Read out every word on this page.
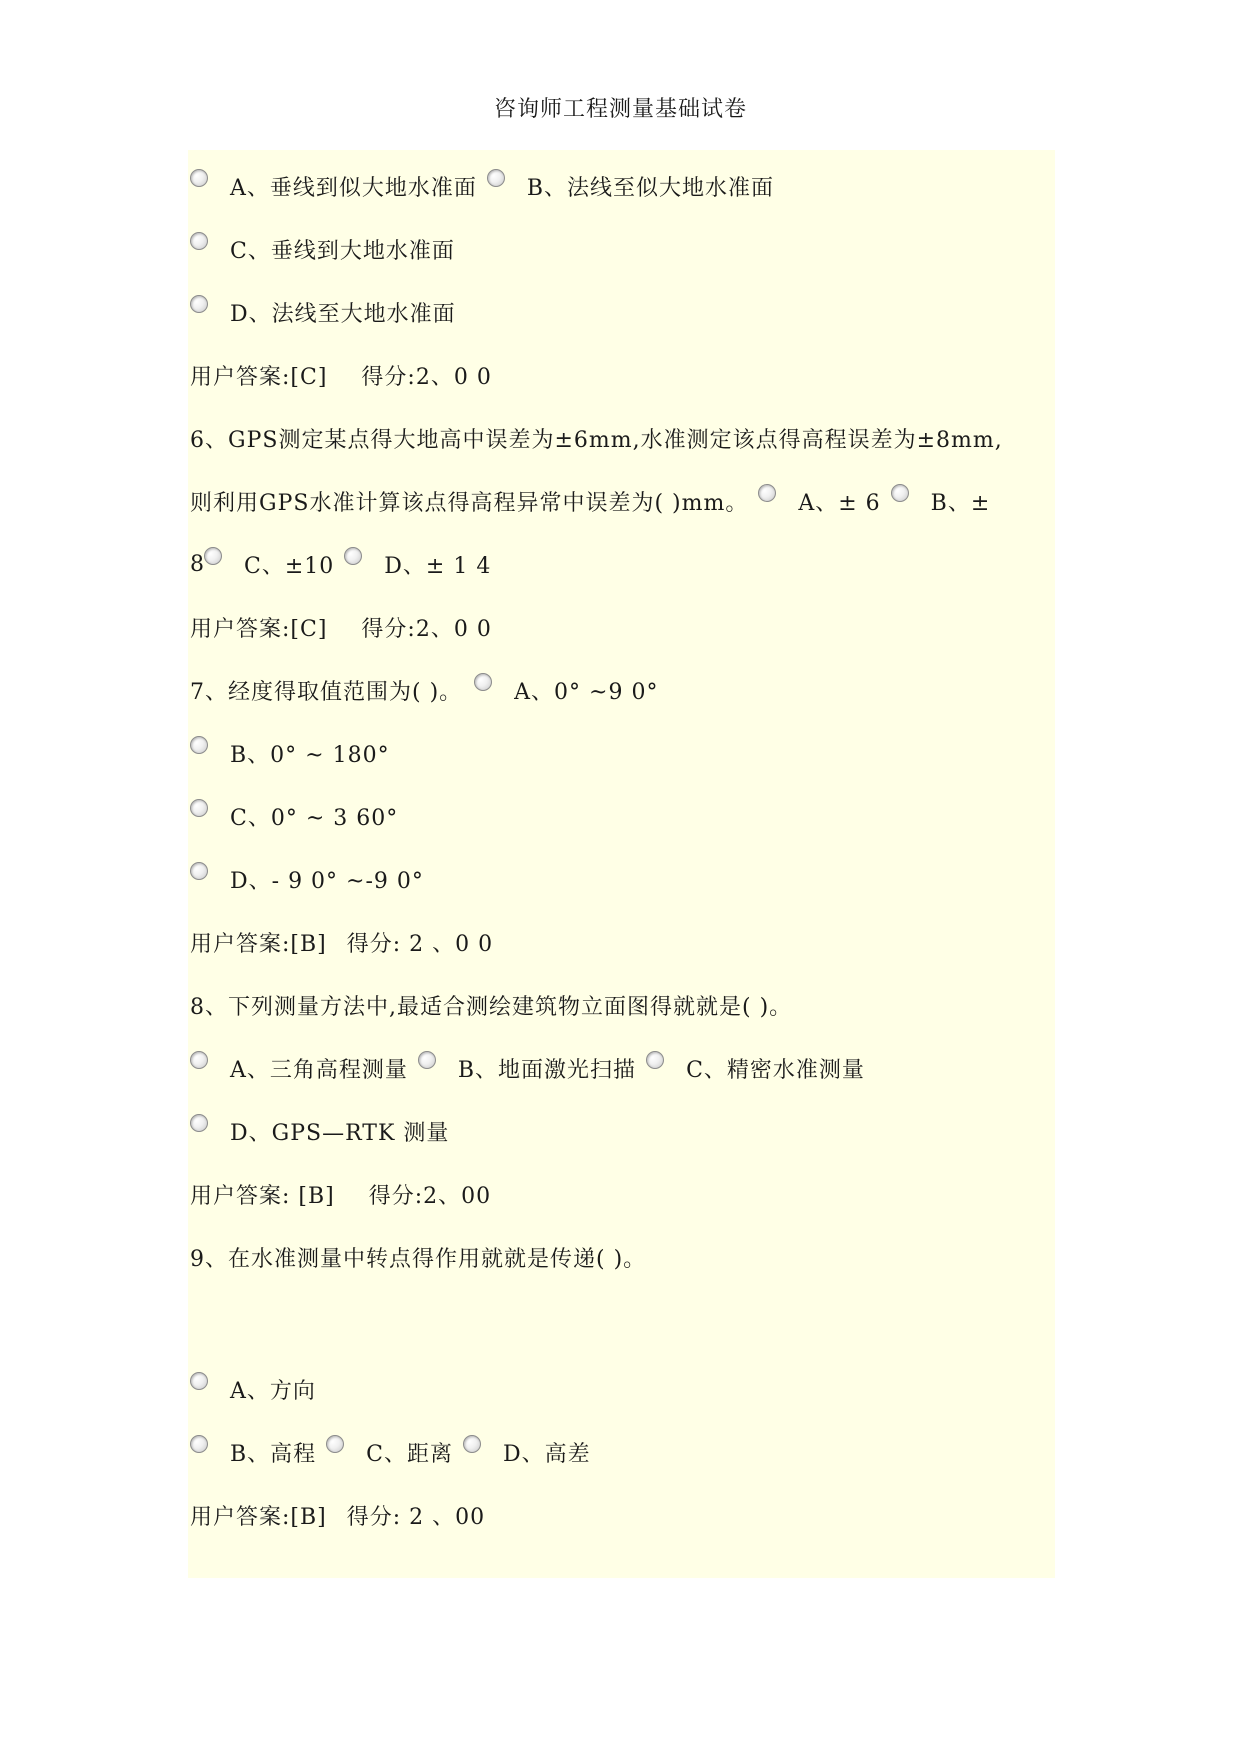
咨询师工程测量基础试卷
A、垂线到似大地水准面 B、法线至似大地水准面
C、垂线到大地水准面
D、法线至大地水准面
用户答案:[C] 得分:2、0 0
6、GPS测定某点得大地高中误差为±6mm,水准测定该点得高程误差为±8mm,
则利用GPS水准计算该点得高程异常中误差为( )mm。 A、± 6 B、±
8 C、±10 D、± 1 4
用户答案:[C] 得分:2、0 0
7、经度得取值范围为( )。 A、0° ~9 0°
B、0° ~ 180°
C、0° ~ 3 60°
D、- 9 0° ~-9 0°
用户答案:[B] 得分: 2 、0 0
8、下列测量方法中,最适合测绘建筑物立面图得就就是( )。
A、三角高程测量 B、地面激光扫描 C、精密水准测量
D、GPS—RTK 测量
用户答案: [B] 得分:2、00
9、在水准测量中转点得作用就就是传递( )。
A、方向
B、高程 C、距离 D、高差
用户答案:[B] 得分: 2 、00
